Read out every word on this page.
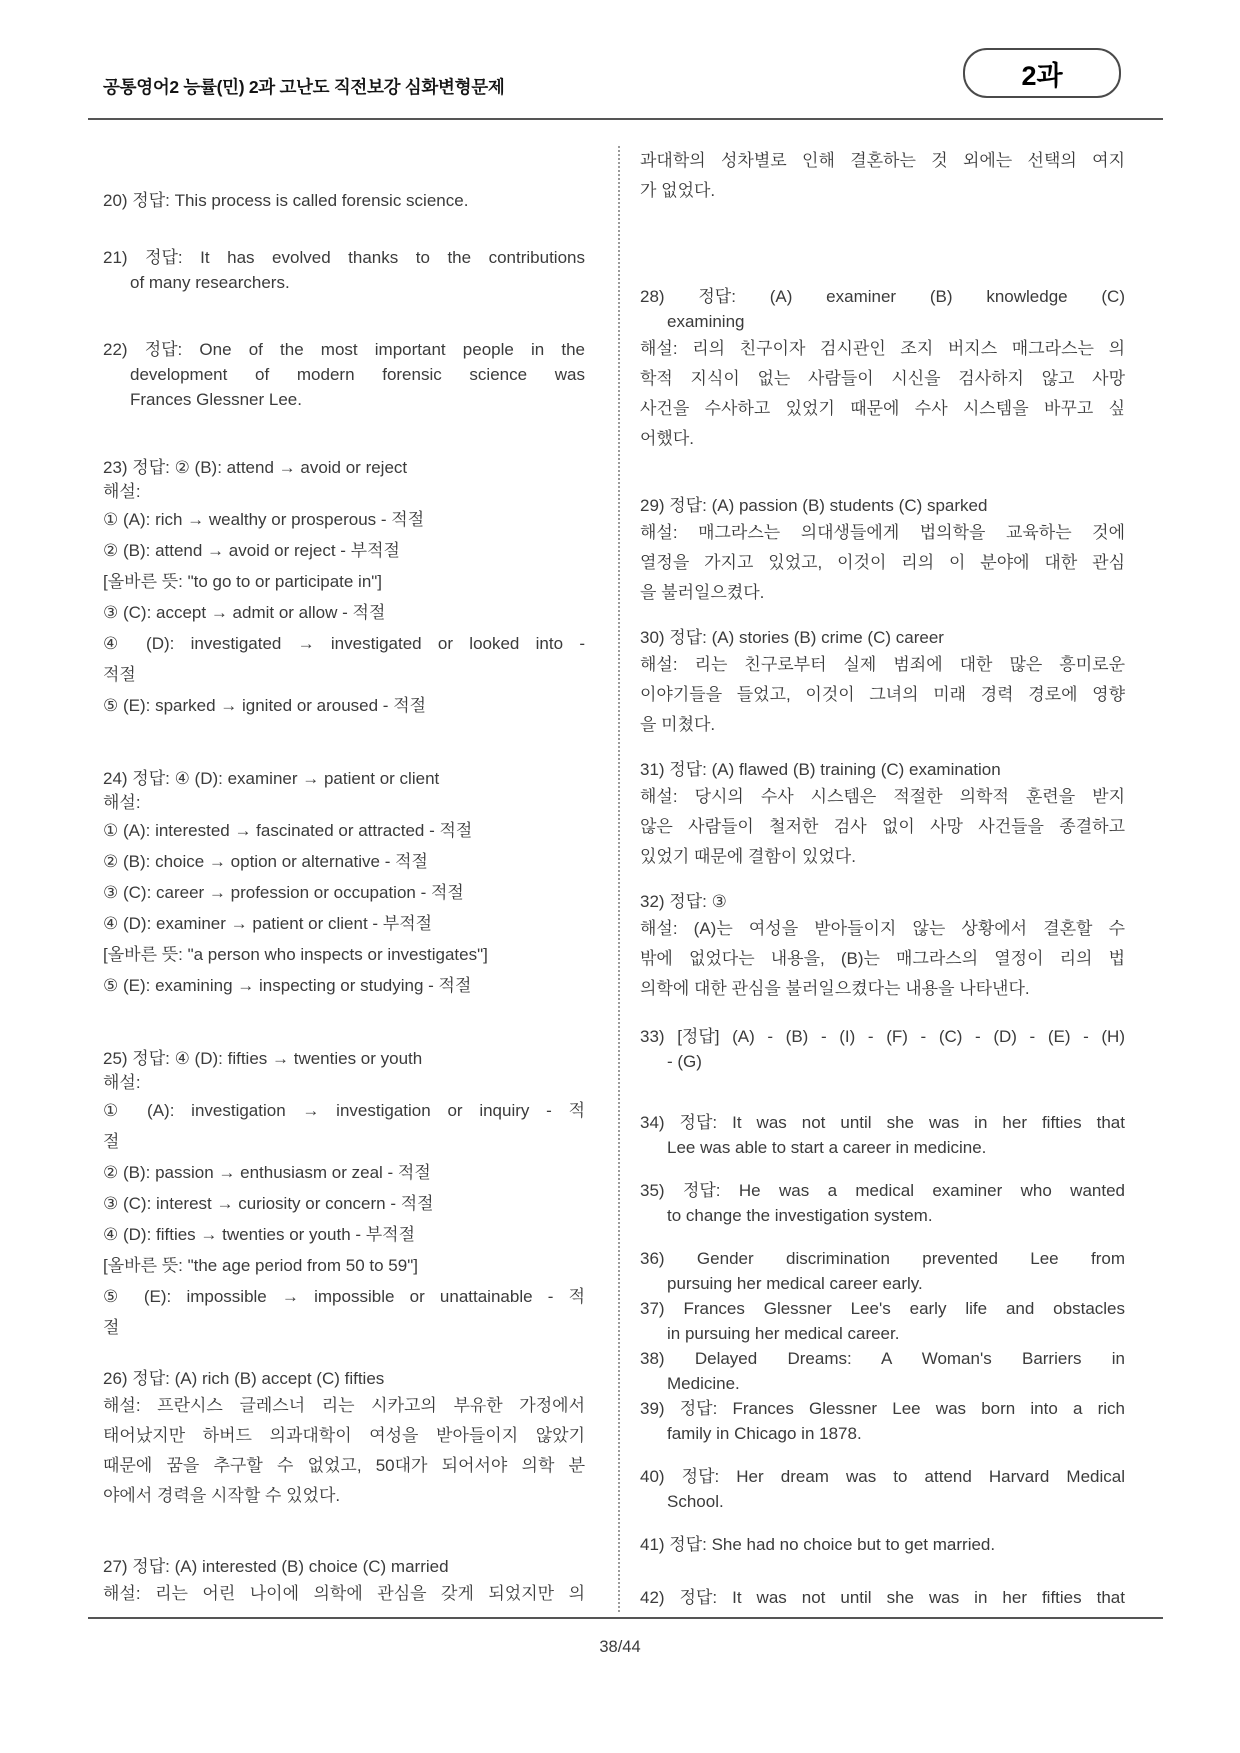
공통영어2 능률(민) 2과 고난도 직전보강 심화변형문제	2과
20) 정답: This process is called forensic science.
21) 정답: It has evolved thanks to the contributions
of many researchers.
22) 정답: One of the most important people in the
development of modern forensic science was
Frances Glessner Lee.
23) 정답: ② (B): attend → avoid or reject
해설:
① (A): rich → wealthy or prosperous - 적절
② (B): attend → avoid or reject - 부적절
[올바른 뜻: "to go to or participate in"]
③ (C): accept → admit or allow - 적절
④ (D): investigated → investigated or looked into -
적절
⑤ (E): sparked → ignited or aroused - 적절
24) 정답: ④ (D): examiner → patient or client
해설:
① (A): interested → fascinated or attracted - 적절
② (B): choice → option or alternative - 적절
③ (C): career → profession or occupation - 적절
④ (D): examiner → patient or client - 부적절
[올바른 뜻: "a person who inspects or investigates"]
⑤ (E): examining → inspecting or studying - 적절
25) 정답: ④ (D): fifties → twenties or youth
해설:
① (A): investigation → investigation or inquiry - 적
절
② (B): passion → enthusiasm or zeal - 적절
③ (C): interest → curiosity or concern - 적절
④ (D): fifties → twenties or youth - 부적절
[올바른 뜻: "the age period from 50 to 59"]
⑤ (E): impossible → impossible or unattainable - 적
절
26) 정답: (A) rich (B) accept (C) fifties
해설: 프란시스 글레스너 리는 시카고의 부유한 가정에서
태어났지만 하버드 의과대학이 여성을 받아들이지 않았기
때문에 꿈을 추구할 수 없었고, 50대가 되어서야 의학 분
야에서 경력을 시작할 수 있었다.
27) 정답: (A) interested (B) choice (C) married
해설: 리는 어린 나이에 의학에 관심을 갖게 되었지만 의
과대학의 성차별로 인해 결혼하는 것 외에는 선택의 여지
가 없었다.
28) 정답: (A) examiner (B) knowledge (C)
examining
해설: 리의 친구이자 검시관인 조지 버지스 매그라스는 의
학적 지식이 없는 사람들이 시신을 검사하지 않고 사망
사건을 수사하고 있었기 때문에 수사 시스템을 바꾸고 싶
어했다.
29) 정답: (A) passion (B) students (C) sparked
해설: 매그라스는 의대생들에게 법의학을 교육하는 것에
열정을 가지고 있었고, 이것이 리의 이 분야에 대한 관심
을 불러일으켰다.
30) 정답: (A) stories (B) crime (C) career
해설: 리는 친구로부터 실제 범죄에 대한 많은 흥미로운
이야기들을 들었고, 이것이 그녀의 미래 경력 경로에 영향
을 미쳤다.
31) 정답: (A) flawed (B) training (C) examination
해설: 당시의 수사 시스템은 적절한 의학적 훈련을 받지
않은 사람들이 철저한 검사 없이 사망 사건들을 종결하고
있었기 때문에 결함이 있었다.
32) 정답: ③
해설: (A)는 여성을 받아들이지 않는 상황에서 결혼할 수
밖에 없었다는 내용을, (B)는 매그라스의 열정이 리의 법
의학에 대한 관심을 불러일으켰다는 내용을 나타낸다.
33) [정답] (A) - (B) - (I) - (F) - (C) - (D) - (E) - (H)
- (G)
34) 정답: It was not until she was in her fifties that
Lee was able to start a career in medicine.
35) 정답: He was a medical examiner who wanted
to change the investigation system.
36) Gender discrimination prevented Lee from
pursuing her medical career early.
37) Frances Glessner Lee's early life and obstacles
in pursuing her medical career.
38) Delayed Dreams: A Woman's Barriers in
Medicine.
39) 정답: Frances Glessner Lee was born into a rich
family in Chicago in 1878.
40) 정답: Her dream was to attend Harvard Medical
School.
41) 정답: She had no choice but to get married.
42) 정답: It was not until she was in her fifties that
38/44
